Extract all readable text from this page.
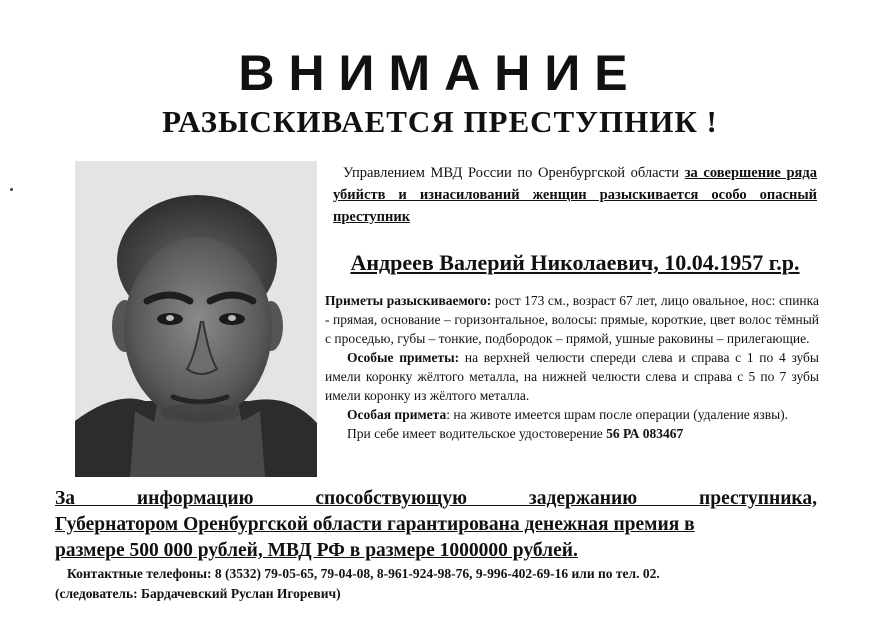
ВНИМАНИЕ
РАЗЫСКИВАЕТСЯ ПРЕСТУПНИК !
Управлением МВД России по Оренбургской области за совершение ряда убийств и изнасилований женщин разыскивается особо опасный преступник
Андреев Валерий Николаевич, 10.04.1957 г.р.

Приметы разыскиваемого: рост 173 см., возраст 67 лет, лицо овальное, нос: спинка - прямая, основание – горизонтальное, волосы: прямые, короткие, цвет волос тёмный с проседью, губы – тонкие, подбородок – прямой, ушные раковины – прилегающие.

Особые приметы: на верхней челюсти спереди слева и справа с 1 по 4 зубы имели коронку жёлтого металла, на нижней челюсти слева и справа с 5 по 7 зубы имели коронку из жёлтого металла.

Особая примета: на животе имеется шрам после операции (удаление язвы).

При себе имеет водительское удостоверение 56 РА 083467

За информацию способствующую задержанию преступника,
Губернатором Оренбургской области гарантирована денежная премия в
размере 500 000 рублей, МВД РФ в размере 1000000 рублей.
Контактные телефоны: 8 (3532) 79-05-65, 79-04-08, 8-961-924-98-76, 9-996-402-69-16 или по тел. 02.
(следователь: Бардачевский Руслан Игоревич)
